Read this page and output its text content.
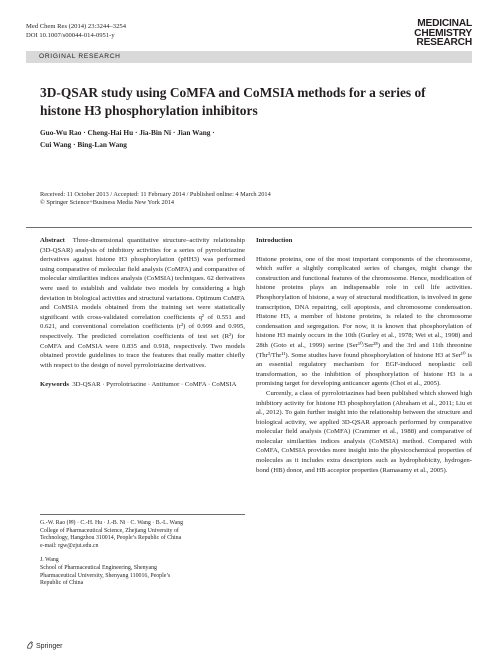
Med Chem Res (2014) 23:3244–3254
DOI 10.1007/s00044-014-0951-y
MEDICINAL
CHEMISTRY
RESEARCH
ORIGINAL RESEARCH
3D-QSAR study using CoMFA and CoMSIA methods for a series of histone H3 phosphorylation inhibitors
Guo-Wu Rao · Cheng-Hai Hu · Jia-Bin Ni · Jian Wang ·
Cui Wang · Bing-Lan Wang
Received: 11 October 2013 / Accepted: 11 February 2014 / Published online: 4 March 2014
© Springer Science+Business Media New York 2014

Abstract Three-dimensional quantitative structure–activity relationship (3D-QSAR) analysis of inhibitory activities for a series of pyrrolotriazine derivatives against histone H3 phosphorylation (pHH3) was performed using comparative of molecular field analysis (CoMFA) and comparative of molecular similarities indices analysis (CoMSIA) techniques. 62 derivatives were used to establish and validate two models by considering a high deviation in biological activities and structural variations. Optimum CoMFA and CoMSIA models obtained from the training set were statistically significant with cross-validated correlation coefficients q² of 0.551 and 0.621, and conventional correlation coefficients (r²) of 0.999 and 0.995, respectively. The predicted correlation coefficients of test set (R²) for CoMFA and CoMSIA were 0.835 and 0.918, respectively. Two models obtained provide guidelines to trace the features that really matter chiefly with respect to the design of novel pyrrolotriazine derivatives.

Keywords 3D-QSAR · Pyrrolotriazine · Antitumor · CoMFA · CoMSIA

G.-W. Rao (✉) · C.-H. Hu · J.-B. Ni · C. Wang · B.-L. Wang
College of Pharmaceutical Science, Zhejiang University of
Technology, Hangzhou 310014, People’s Republic of China
e-mail: rgw@zjut.edu.cn
J. Wang
School of Pharmaceutical Engineering, Shenyang
Pharmaceutical University, Shenyang 110016, People’s
Republic of China

Introduction

Histone proteins, one of the most important components of the chromosome, which suffer a slightly complicated series of changes, might change the construction and functional features of the chromosome. Hence, modification of histone proteins plays an indispensable role in cell life activities. Phosphorylation of histone, a way of structural modification, is involved in gene transcription, DNA repairing, cell apoptosis, and chromosome condensation. Histone H3, a member of histone proteins, is related to the chromosome condensation and segregation. For now, it is known that phosphorylation of histone H3 mainly occurs in the 10th (Gurley et al., 1978; Wei et al., 1998) and 28th (Goto et al., 1999) serine (Ser¹⁰/Ser²⁸) and the 3rd and 11th threonine (Thr³/Thr¹¹). Some studies have found phosphorylation of histone H3 at Ser¹⁰ is an essential regulatory mechanism for EGF-induced neoplastic cell transformation, so the inhibition of phosphorylation of histone H3 is a promising target for developing anticancer agents (Choi et al., 2005).

Currently, a class of pyrrolotriazines had been published which showed high inhibitory activity for histone H3 phosphorylation (Abraham et al., 2011; Liu et al., 2012). To gain further insight into the relationship between the structure and biological activity, we applied 3D-QSAR approach performed by comparative molecular field analysis (CoMFA) (Crammer et al., 1988) and comparative of molecular similarities indices analysis (CoMSIA) method. Compared with CoMFA, CoMSIA provides more insight into the physicochemical properties of molecules as it includes extra descriptors such as hydrophobicity, hydrogen-bond (HB) donor, and HB acceptor properties (Ramasamy et al., 2005).

Springer
